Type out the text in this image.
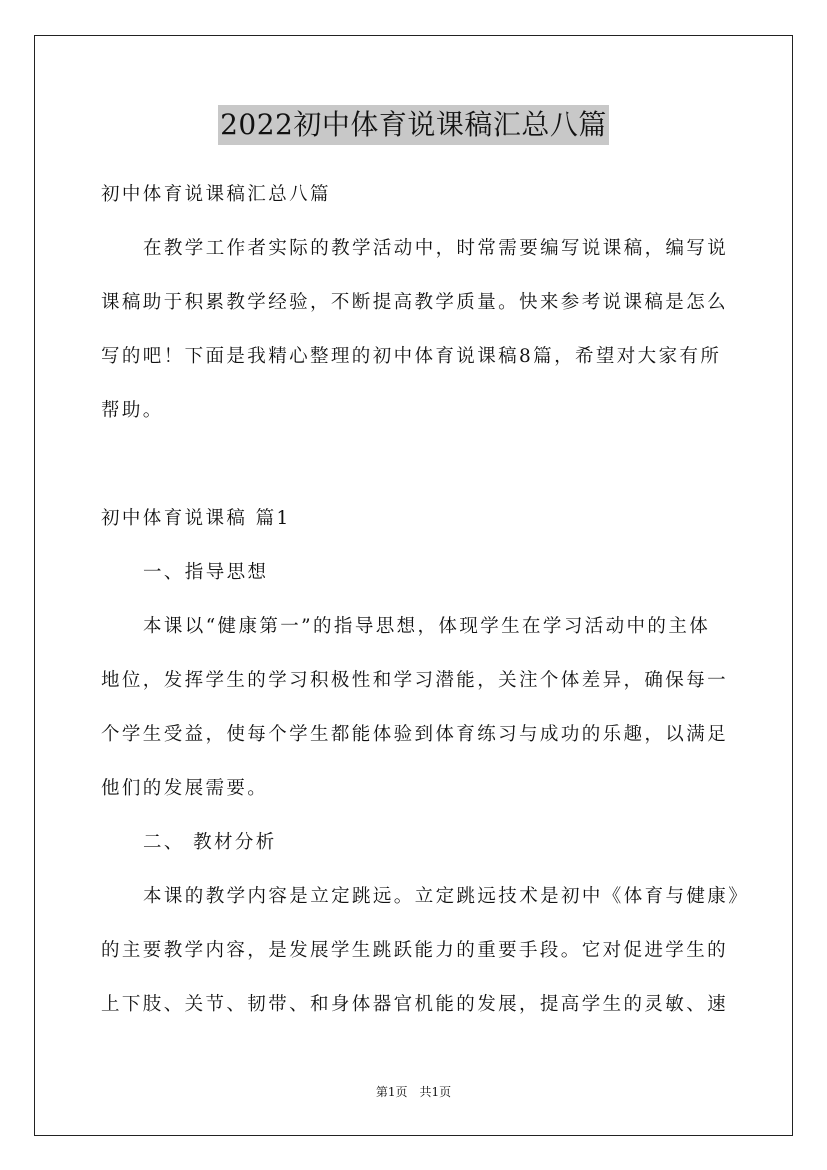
2022初中体育说课稿汇总八篇

初中体育说课稿汇总八篇

在教学工作者实际的教学活动中，时常需要编写说课稿，编写说

课稿助于积累教学经验，不断提高教学质量。快来参考说课稿是怎么

写的吧！下面是我精心整理的初中体育说课稿8篇，希望对大家有所

帮助。

初中体育说课稿 篇1

一、指导思想

本课以“健康第一”的指导思想，体现学生在学习活动中的主体

地位，发挥学生的学习积极性和学习潜能，关注个体差异，确保每一

个学生受益，使每个学生都能体验到体育练习与成功的乐趣，以满足

他们的发展需要。

二、 教材分析

本课的教学内容是立定跳远。立定跳远技术是初中《体育与健康》

的主要教学内容，是发展学生跳跃能力的重要手段。它对促进学生的

上下肢、关节、韧带、和身体器官机能的发展，提高学生的灵敏、速

第1页　共1页
